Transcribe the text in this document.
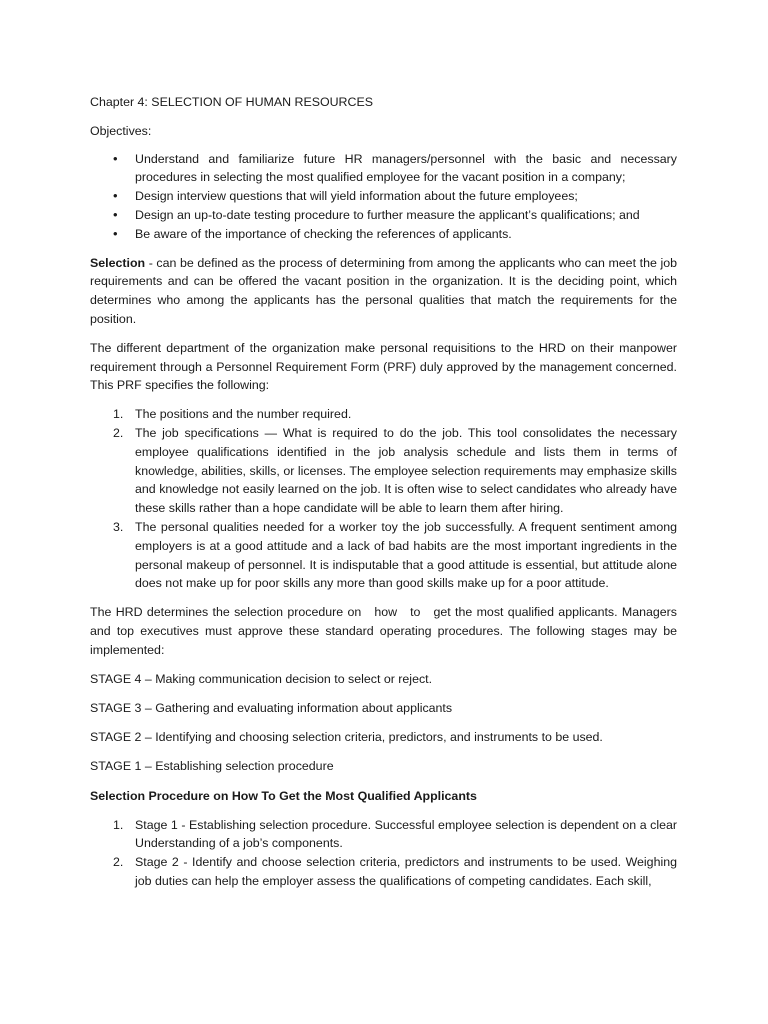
Chapter 4: SELECTION OF HUMAN RESOURCES

Objectives:

• Understand and familiarize future HR managers/personnel with the basic and necessary procedures in selecting the most qualified employee for the vacant position in a company;
• Design interview questions that will yield information about the future employees;
• Design an up-to-date testing procedure to further measure the applicant’s qualifications; and
• Be aware of the importance of checking the references of applicants.

Selection - can be defined as the process of determining from among the applicants who can meet the job requirements and can be offered the vacant position in the organization. It is the deciding point, which determines who among the applicants has the personal qualities that match the requirements for the position.

The different department of the organization make personal requisitions to the HRD on their manpower requirement through a Personnel Requirement Form (PRF) duly approved by the management concerned. This PRF specifies the following:

1. The positions and the number required.
2. The job specifications — What is required to do the job. This tool consolidates the necessary employee qualifications identified in the job analysis schedule and lists them in terms of knowledge, abilities, skills, or licenses. The employee selection requirements may emphasize skills and knowledge not easily learned on the job. It is often wise to select candidates who already have these skills rather than a hope candidate will be able to learn them after hiring.
3. The personal qualities needed for a worker toy the job successfully. A frequent sentiment among employers is at a good attitude and a lack of bad habits are the most important ingredients in the personal makeup of personnel. It is indisputable that a good attitude is essential, but attitude alone does not make up for poor skills any more than good skills make up for a poor attitude.

The HRD determines the selection procedure on   how   to   get the most qualified applicants. Managers and top executives must approve these standard operating procedures. The following stages may be implemented:

STAGE 4 – Making communication decision to select or reject.

STAGE 3 – Gathering and evaluating information about applicants

STAGE 2 – Identifying and choosing selection criteria, predictors, and instruments to be used.

STAGE 1 – Establishing selection procedure

Selection Procedure on How To Get the Most Qualified Applicants

1. Stage 1 - Establishing selection procedure. Successful employee selection is dependent on a clear Understanding of a job’s components.
2. Stage 2 - Identify and choose selection criteria, predictors and instruments to be used. Weighing job duties can help the employer assess the qualifications of competing candidates. Each skill,
